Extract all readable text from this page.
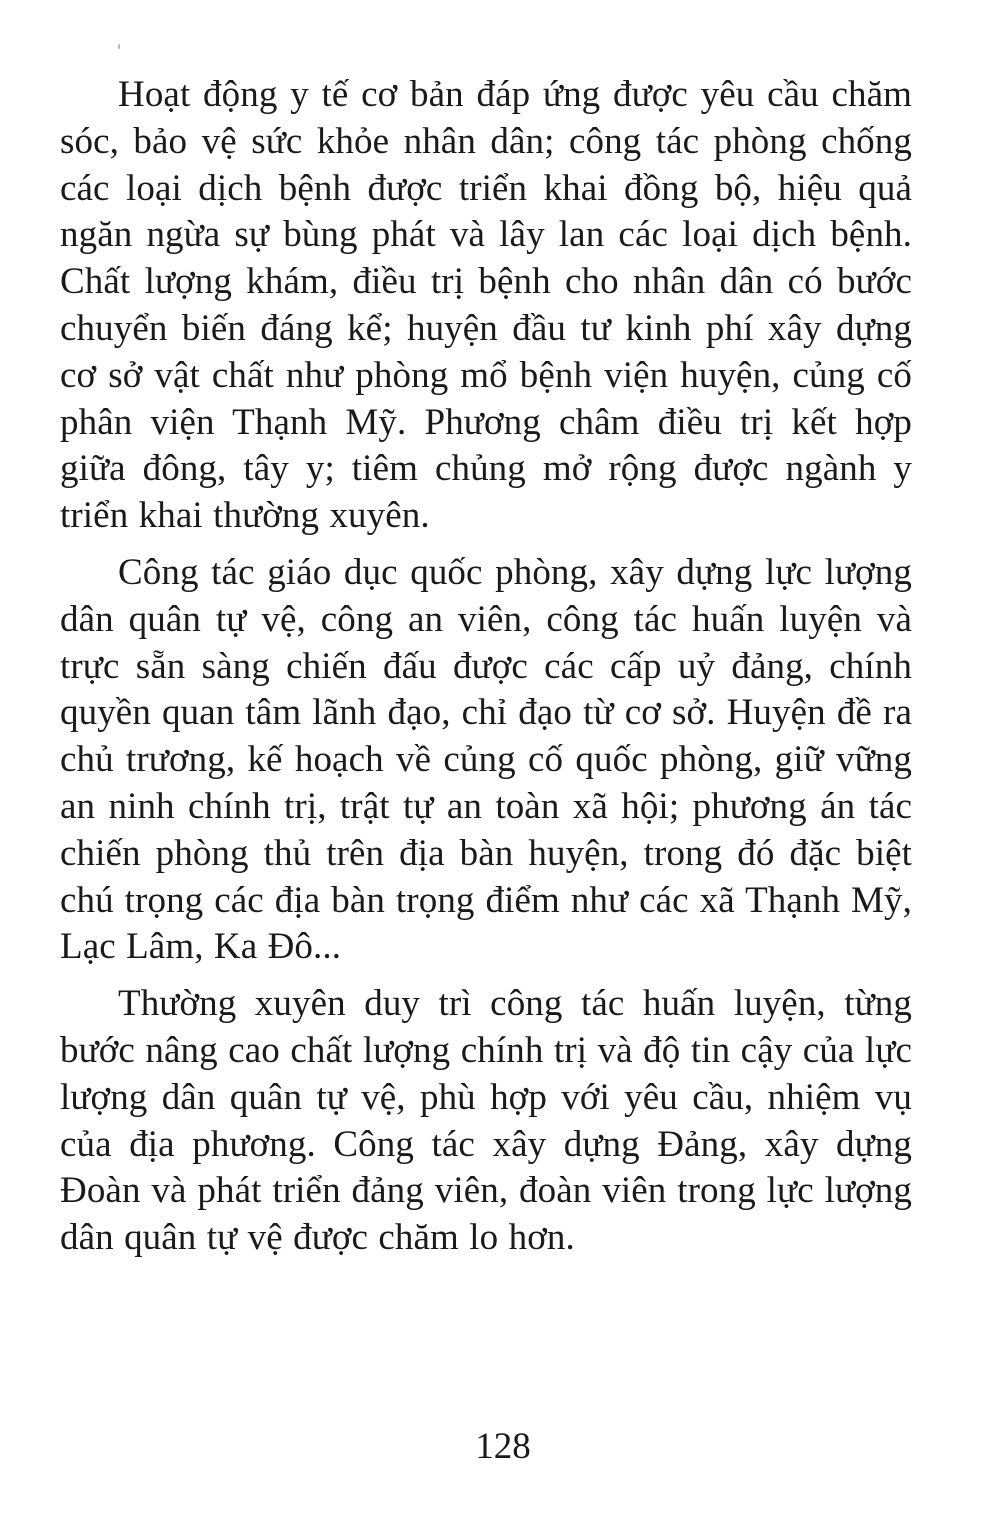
Hoạt động y tế cơ bản đáp ứng được yêu cầu chăm sóc, bảo vệ sức khỏe nhân dân; công tác phòng chống các loại dịch bệnh được triển khai đồng bộ, hiệu quả ngăn ngừa sự bùng phát và lây lan các loại dịch bệnh. Chất lượng khám, điều trị bệnh cho nhân dân có bước chuyển biến đáng kể; huyện đầu tư kinh phí xây dựng cơ sở vật chất như phòng mổ bệnh viện huyện, củng cố phân viện Thạnh Mỹ. Phương châm điều trị kết hợp giữa đông, tây y; tiêm chủng mở rộng được ngành y triển khai thường xuyên.

Công tác giáo dục quốc phòng, xây dựng lực lượng dân quân tự vệ, công an viên, công tác huấn luyện và trực sẵn sàng chiến đấu được các cấp uỷ đảng, chính quyền quan tâm lãnh đạo, chỉ đạo từ cơ sở. Huyện đề ra chủ trương, kế hoạch về củng cố quốc phòng, giữ vững an ninh chính trị, trật tự an toàn xã hội; phương án tác chiến phòng thủ trên địa bàn huyện, trong đó đặc biệt chú trọng các địa bàn trọng điểm như các xã Thạnh Mỹ, Lạc Lâm, Ka Đô...

Thường xuyên duy trì công tác huấn luyện, từng bước nâng cao chất lượng chính trị và độ tin cậy của lực lượng dân quân tự vệ, phù hợp với yêu cầu, nhiệm vụ của địa phương. Công tác xây dựng Đảng, xây dựng Đoàn và phát triển đảng viên, đoàn viên trong lực lượng dân quân tự vệ được chăm lo hơn.

128
